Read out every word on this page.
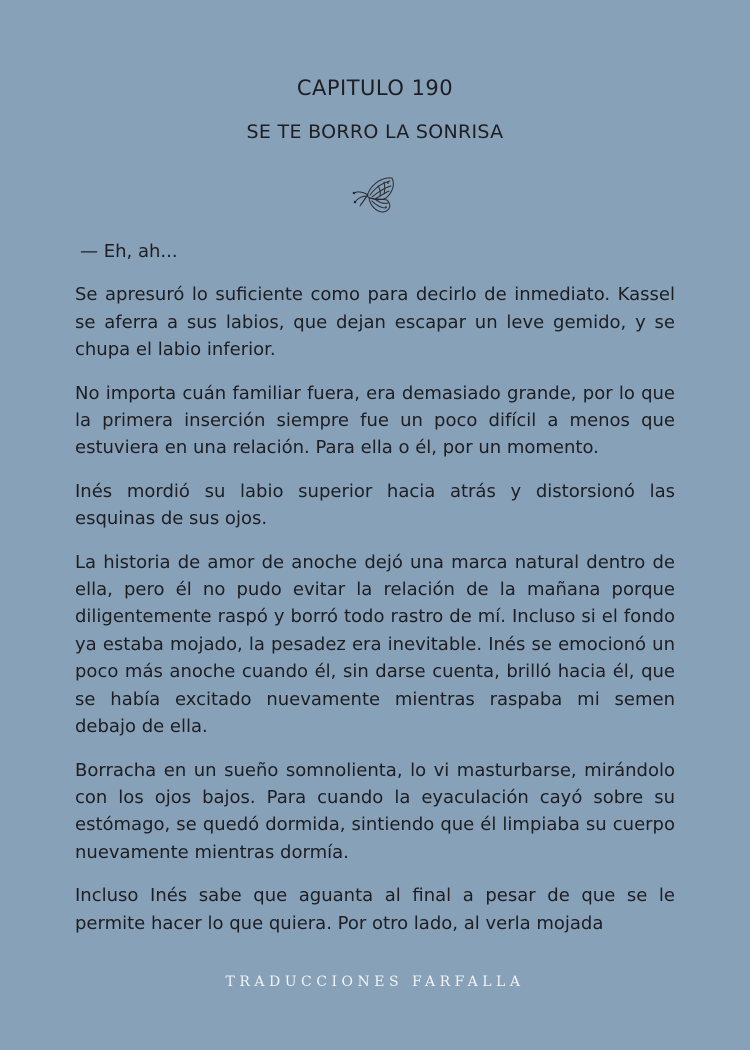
CAPITULO 190
SE TE BORRO LA SONRISA

— Eh, ah...

Se apresuró lo suficiente como para decirlo de inmediato. Kassel se aferra a sus labios, que dejan escapar un leve gemido, y se chupa el labio inferior.

No importa cuán familiar fuera, era demasiado grande, por lo que la primera inserción siempre fue un poco difícil a menos que estuviera en una relación. Para ella o él, por un momento.

Inés mordió su labio superior hacia atrás y distorsionó las esquinas de sus ojos.

La historia de amor de anoche dejó una marca natural dentro de ella, pero él no pudo evitar la relación de la mañana porque diligentemente raspó y borró todo rastro de mí. Incluso si el fondo ya estaba mojado, la pesadez era inevitable. Inés se emocionó un poco más anoche cuando él, sin darse cuenta, brilló hacia él, que se había excitado nuevamente mientras raspaba mi semen debajo de ella.

Borracha en un sueño somnolienta, lo vi masturbarse, mirándolo con los ojos bajos. Para cuando la eyaculación cayó sobre su estómago, se quedó dormida, sintiendo que él limpiaba su cuerpo nuevamente mientras dormía.

Incluso Inés sabe que aguanta al final a pesar de que se le permite hacer lo que quiera. Por otro lado, al verla mojada

TRADUCCIONES FARFALLA
